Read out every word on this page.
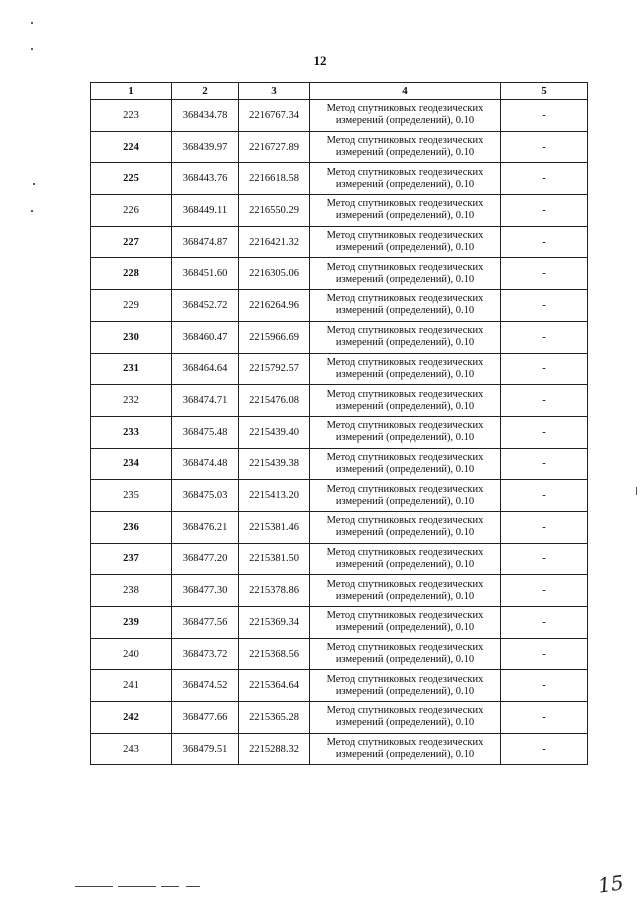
12
1	2	3	4	5
223	368434.78	2216767.34	Метод спутниковых геодезических
измерений (определений), 0.10	-
224	368439.97	2216727.89	Метод спутниковых геодезических
измерений (определений), 0.10	-
225	368443.76	2216618.58	Метод спутниковых геодезических
измерений (определений), 0.10	-
226	368449.11	2216550.29	Метод спутниковых геодезических
измерений (определений), 0.10	-
227	368474.87	2216421.32	Метод спутниковых геодезических
измерений (определений), 0.10	-
228	368451.60	2216305.06	Метод спутниковых геодезических
измерений (определений), 0.10	-
229	368452.72	2216264.96	Метод спутниковых геодезических
измерений (определений), 0.10	-
230	368460.47	2215966.69	Метод спутниковых геодезических
измерений (определений), 0.10	-
231	368464.64	2215792.57	Метод спутниковых геодезических
измерений (определений), 0.10	-
232	368474.71	2215476.08	Метод спутниковых геодезических
измерений (определений), 0.10	-
233	368475.48	2215439.40	Метод спутниковых геодезических
измерений (определений), 0.10	-
234	368474.48	2215439.38	Метод спутниковых геодезических
измерений (определений), 0.10	-
235	368475.03	2215413.20	Метод спутниковых геодезических
измерений (определений), 0.10	-
236	368476.21	2215381.46	Метод спутниковых геодезических
измерений (определений), 0.10	-
237	368477.20	2215381.50	Метод спутниковых геодезических
измерений (определений), 0.10	-
238	368477.30	2215378.86	Метод спутниковых геодезических
измерений (определений), 0.10	-
239	368477.56	2215369.34	Метод спутниковых геодезических
измерений (определений), 0.10	-
240	368473.72	2215368.56	Метод спутниковых геодезических
измерений (определений), 0.10	-
241	368474.52	2215364.64	Метод спутниковых геодезических
измерений (определений), 0.10	-
242	368477.66	2215365.28	Метод спутниковых геодезических
измерений (определений), 0.10	-
243	368479.51	2215288.32	Метод спутниковых геодезических
измерений (определений), 0.10	-
15
